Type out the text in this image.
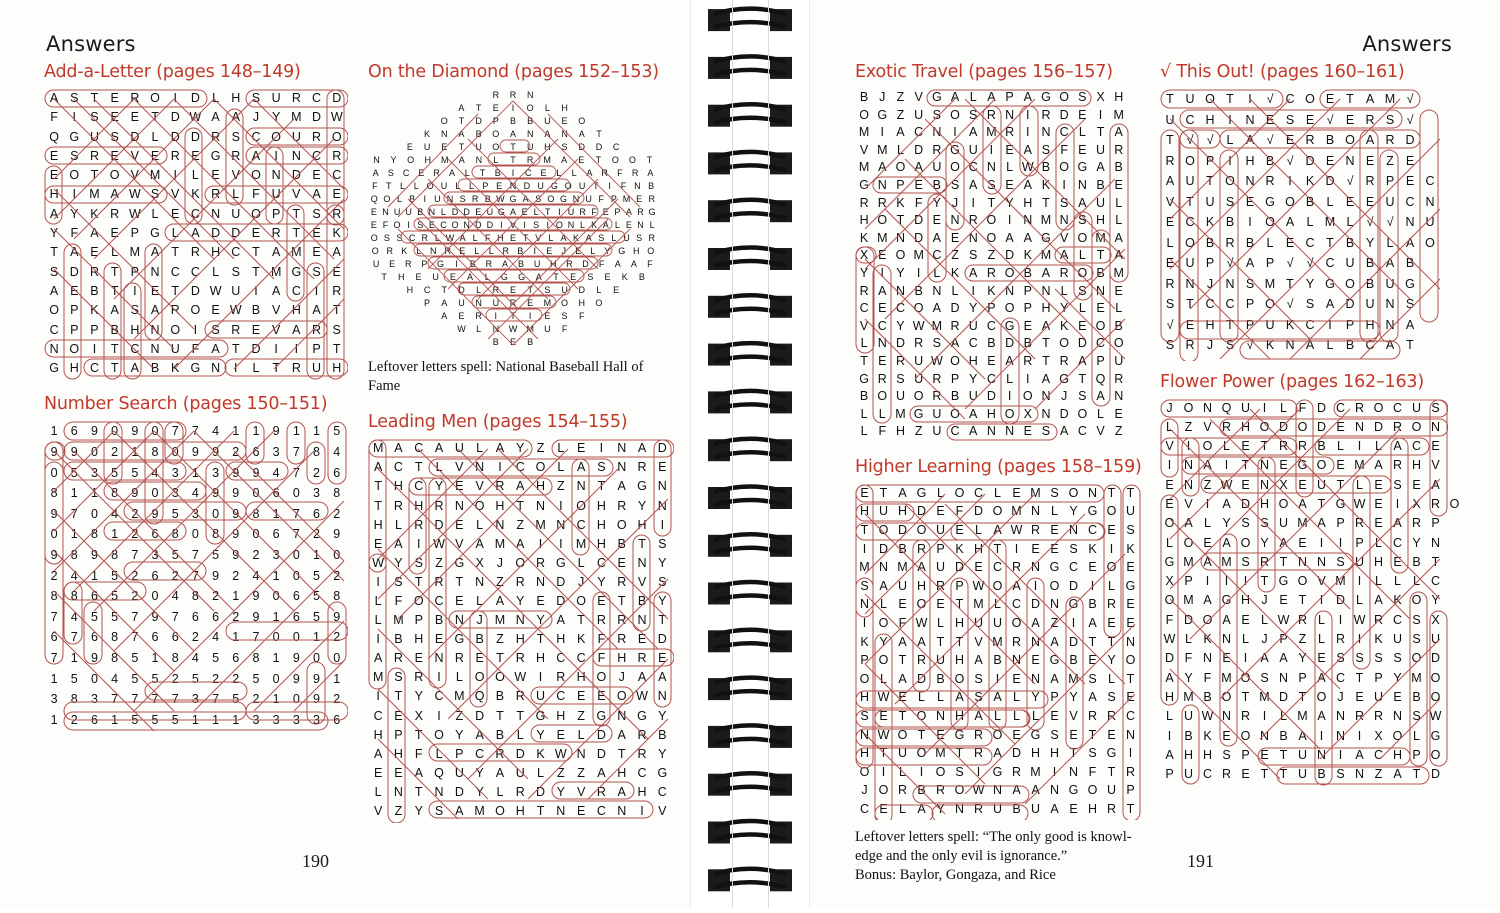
Answers
Add-a-Letter (pages 148–149)
A S T E R O	I	D L H S U R C D
F	I	S E E T D W A A	J	Y M D W
Q G U S D L D D R S C O U R O
E S R E V E R E G R A	I	N C R
E O T O V M	I	L	E V O N D E C
H	I	M A W S V K R L	F U V A E
A Y K R W L	E C N U O P T S R
Y F A E P G L	A D D E R T E K
T A E	L M A T R H C T A M E A
S D R T P N C C L	S T M G S E
A E B T	I	E T D W U	I	A C	I	R
O P K A S A R O E W B V H A T
C P P B H N O	I	S R E V A R S
N O	I	T C N U F A T D	I	I	P T
G H C T A B K G N	I	L	T R U H
Number Search (pages 150–151)
1	6	9	0	9	0	7	7	4	1	1	9	1	1	5
9	9	0	2	1	8	0	9	9	2	6	3	7	8	4
0	5	3	5	5	4	3	1	3	9	9	4	7	2	6
8	1	1	8	9	0	3	4	9	9	0	6	0	3	8
9	7	0	4	2	9	5	3	0	9	8	1	7	6	2
0	1	8	1	2	6	8	0	8	9	0	6	7	2	9
9	8	9	8	7	3	5	7	5	9	2	3	0	1	0
2	4	1	5	2	6	2	7	9	2	4	1	0	5	2
8	8	6	5	2	0	4	8	2	1	9	0	6	5	8
7	4	5	5	7	9	7	6	6	2	9	1	6	5	9
6	7	6	8	7	6	6	2	4	1	7	0	0	1	2
7	1	9	8	5	1	8	4	5	6	8	1	9	0	0
1	5	0	4	5	5	2	5	2	2	5	0	9	9	1
3	8	3	7	7	7	7	3	7	5	2	1	0	9	2
1	2	6	1	5	5	5	1	1	1	3	3	3	3	6
On the Diamond (pages 152–153)
R	R	N
A	T	E	I	O	L	H
O	T	D	P	B	B	U	E	O
K	N	A	B	O	A	N	A	N	A	T
E	U	E	T	U	O	T	U	H	S	D	D	C
N	Y	O	H	M	A	N	L	T	R	M	A	E	T	O	O	T
A	S	C	E	R	A	L	T	B	I	C	E	L	L	A	R	F	R	A
F T L L O U L L P E N D U G O U T	I	F N B
Q O L B I U N S R B W G A S O G N U F P M E R
E N U U B N L D D E U G A E L T I U R F E P A R G
E F O I S E C O N D D I V I S I O N L K A L E N L
O S S C R L W A L F H E T V L A K A S L U S R
O R K L N R E L	L R B	I	E	J	E L Y G H O
U	E	R	P	G	I	B	R	A	B	U	H	R	D	F	A	A	F
T	H	E	U	E	A	L	G	G	A	T	E	S	E	K	B
H	C	T	D	L	R	E	T	S	U	D	L	E
P	A	U	N	U	R	E	M	O	H	O
A	E	R	I	T	I	E	S	F
W	L	N	W	M	U	F
B	E	B
Leftover letters spell: National Baseball Hall of Fame
Leading Men (pages 154–155)
M A C A U L	A Y Z	L	E	I	N A D
A C T	L	V N	I	C O L	A S N R E
T H C Y E V R A H Z N T A G N
T R H R N O H T N	I	O H R Y N
H L R D E	L N Z M N C H O H	I
E A	I	W V A M A	I	I	M H B T S
W Y S Z G X	J O R G L C E N Y
I	S T R T N Z R N D	J	Y R V S
L	F O C E	L	A Y E D O E T B Y
L M P B N	J M N Y A T R R N T
I	B H E G B Z H T H K F R E D
A R E N R E T R H C C F H R E
M S R	I	L O O W	I	R H O J	A A
I	T Y C M Q B R U C E E O W N
C E X	I	Z D T	T G H Z G N G Y
H P T O Y A B	L	Y E	L D A R B
A H F	L	P C R D K W N D T R Y
E E A Q U Y A U L	Z	Z A H C G
L N T N D Y	L R D Y V R A H C
V Z Y S A M O H T N E C N	I	V
190
Answers
Exotic Travel (pages 156–157)
B J Z V G A L A P A G O S X H
O G Z U S O S R N I R D E I M
M I A C N I A M R I N C L T A
V M L D R G U I E A S F E U R
M A O A U O C N L W B O G A B
G N P E B S A S E A K I N B E
R R K F Y J	I	T Y H T S A U L
H O T D E N R O I N M N S H L
K M N D A E N O A A G V O M A
X E O M C Z S Z D K M A L T A
Y I Y I	L K A R O B A R O B M
R A N B N L	I K N P N L S N E
C E C O A D Y P O P H Y L E L
V C Y W M R U C G E A K E O B
L N D R S A C B D B T O D C O
T E R U W O H E A R T R A P U
G R S U R P Y C L	I A G T Q R
B O U O R B U D I O N J S A N
L L M G U O A H O X N D O L E
L F H Z U C A N N E S A C V Z
Higher Learning (pages 158–159)
E T A G L O C L E M S O N T T
H U H D E F D O M N L Y G O U
T O D O U E L A W R E N C E S
I	D B R P K H T	I	E E S K	I	K
M N M A U D E C R N G C E O E
S A U H R P W O A	I O D	I	L G
N L E O E T M L C D N G B R E
I O F W L H U U O A Z	I	A E E
K Y A A T T V M R N A D T T N
P O T R U H A B N E G B E Y O
O L A D B O S	I	E N A M S L T
H W E L L A S A L Y P Y A S E
S E T O N H A L L L E V R R C
N W O T E G R O E G S E T E N
H T U O M T R A D H H T S G I
O I	L	I O S	I G R M I	N F T R
J O R B R O W N A A N G O U P
C E L A Y N R U B U A E H R T
Leftover letters spell: “The only good is knowl-
edge and the only evil is ignorance.”
Bonus: Baylor, Gongaza, and Rice
√ This Out! (pages 160–161)
T U O T	I	√ C O E T A M √
U C H	I	N E S E √ E R S √
T	√	√	L A √ E R B O A R D
R O P	I	H B √ D E N E Z E
A U T O N R	I	K D √ R P E C
V T U S E G O B L E E U C N
E C K B	I	O A L M L	√	√ N U
L O B R B L E C T B Y L A O
E U P √ A P √	√ C U B A B
R N J N S M T Y G O B U G
S T C C P O √ S A D U N S
√ E H T P U K C	I	P H N A
S R J	S √ K N A L B C A T
Flower Power (pages 162–163)
J O N Q U	I	L F D C R O C U S
L Z V R H O D O D E N D R O N
V	I O L E T R R B L	I	L A C E
I	N A	I	T N E G O E M A R H V
E N Z W E N X E U T L E S E A
E V	I	A D H O A T G W E	I	X R O
O A L Y S S U M A P R E A R P
L O E A O Y A E	I	I	P L C Y N
G M A M S R T N N S U H E B T
X P	I	I	I	T G O V M I	L L L C
O M A G H J E T	I	D L A K O Y
F D O A E L W R L	I W R C S X
W L K N L J P Z L R	I	K U S U
D F N E	I	A A Y E S S S S O D
A Y F M O S N P A C T P Y M O
H M B O T M D T O J E U E B O
L U W N R	I	L M A N R R N S W
I	B K E O N B A	I	N	I	X O L G
A H H S P E T U N	I	A C H P O
P U C R E T T U B S N Z A T D
191
